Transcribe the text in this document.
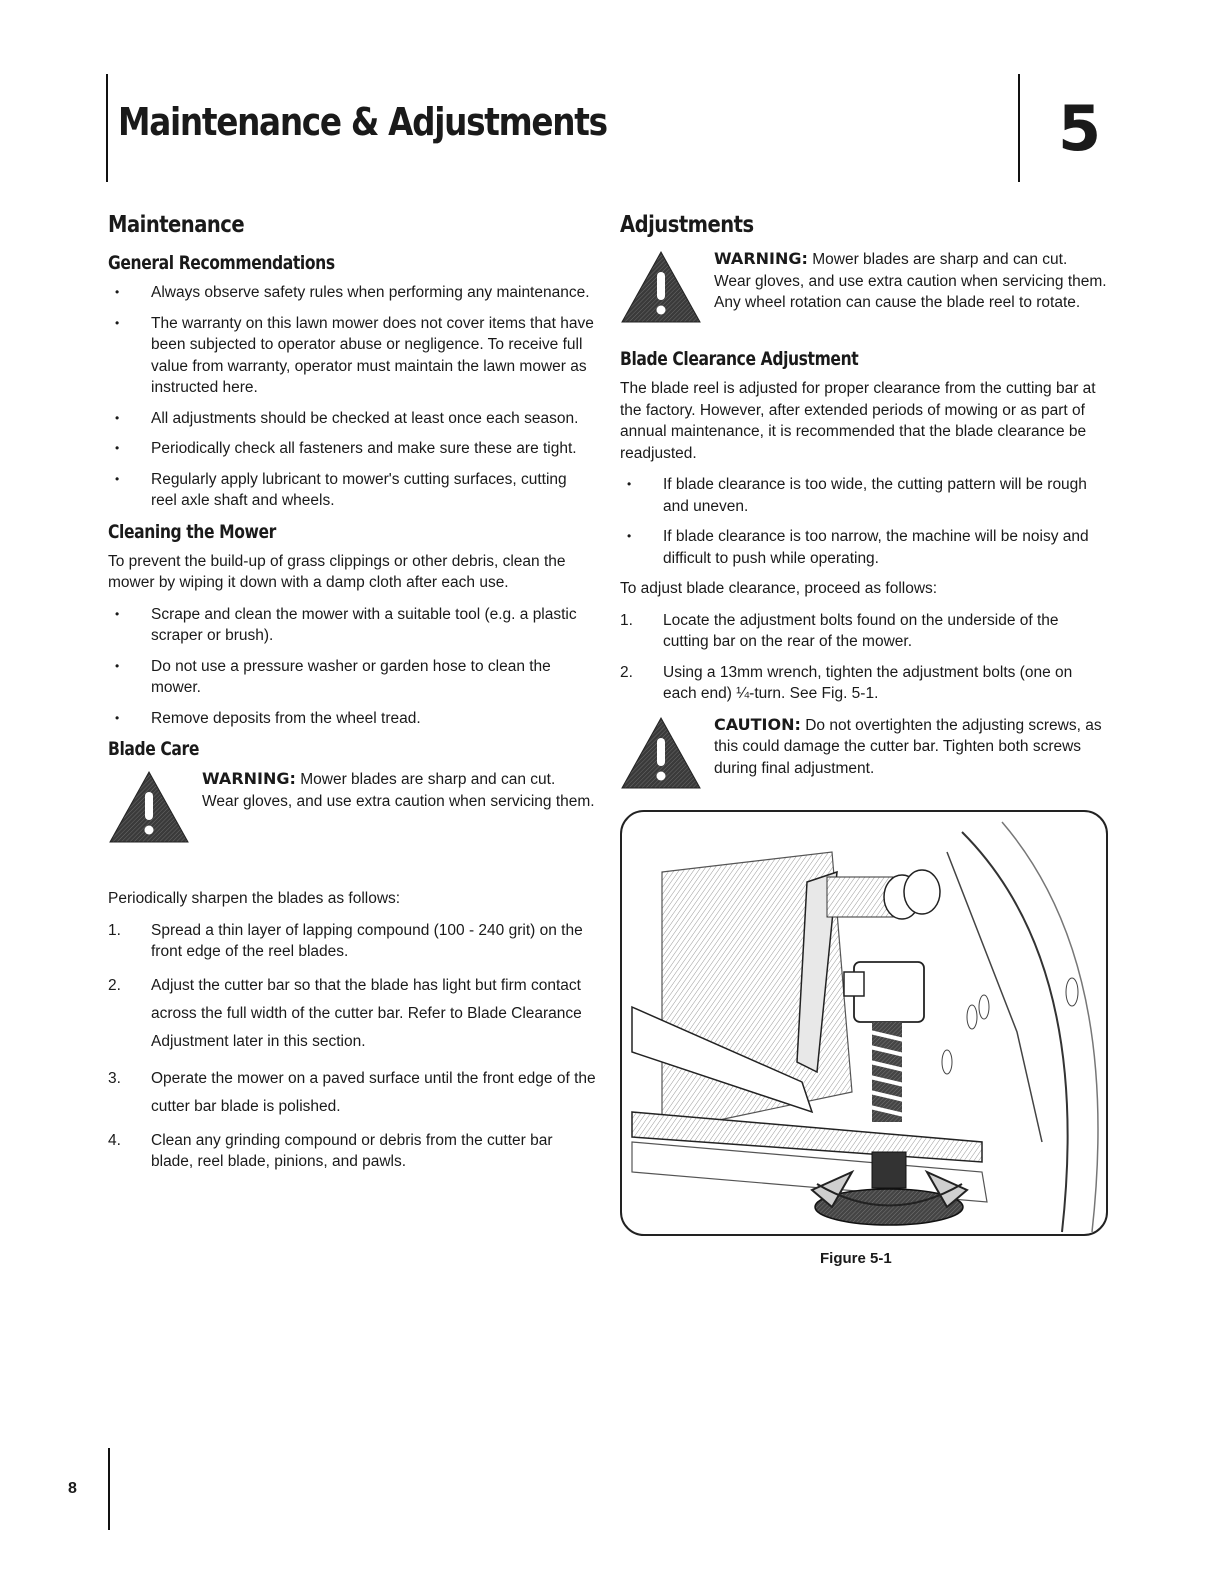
Maintenance & Adjustments	5
Maintenance
General Recommendations
• Always observe safety rules when performing any maintenance.
• The warranty on this lawn mower does not cover items that have been subjected to operator abuse or negligence. To receive full value from warranty, operator must maintain the lawn mower as instructed here.
• All adjustments should be checked at least once each season.
• Periodically check all fasteners and make sure these are tight.
• Regularly apply lubricant to mower's cutting surfaces, cutting reel axle shaft and wheels.
Cleaning the Mower

To prevent the build-up of grass clippings or other debris, clean the mower by wiping it down with a damp cloth after each use.

• Scrape and clean the mower with a suitable tool (e.g. a plastic scraper or brush).
• Do not use a pressure washer or garden hose to clean the mower.
• Remove deposits from the wheel tread.
Blade Care
WARNING: Mower blades are sharp and can cut. Wear gloves, and use extra caution when servicing them.

Periodically sharpen the blades as follows:

1. Spread a thin layer of lapping compound (100 - 240 grit) on the front edge of the reel blades.
2. Adjust the cutter bar so that the blade has light but firm contact across the full width of the cutter bar. Refer to Blade Clearance Adjustment later in this section.
3. Operate the mower on a paved surface until the front edge of the cutter bar blade is polished.
4. Clean any grinding compound or debris from the cutter bar blade, reel blade, pinions, and pawls.
Adjustments
WARNING: Mower blades are sharp and can cut. Wear gloves, and use extra caution when servicing them. Any wheel rotation can cause the blade reel to rotate.
Blade Clearance Adjustment

The blade reel is adjusted for proper clearance from the cutting bar at the factory. However, after extended periods of mowing or as part of annual maintenance, it is recommended that the blade clearance be readjusted.

• If blade clearance is too wide, the cutting pattern will be rough and uneven.
• If blade clearance is too narrow, the machine will be noisy and difficult to push while operating.

To adjust blade clearance, proceed as follows:

1. Locate the adjustment bolts found on the underside of the cutting bar on the rear of the mower.
2. Using a 13mm wrench, tighten the adjustment bolts (one on each end) ¼-turn. See Fig. 5-1.
CAUTION: Do not overtighten the adjusting screws, as this could damage the cutter bar. Tighten both screws during final adjustment.
Figure 5-1
8
